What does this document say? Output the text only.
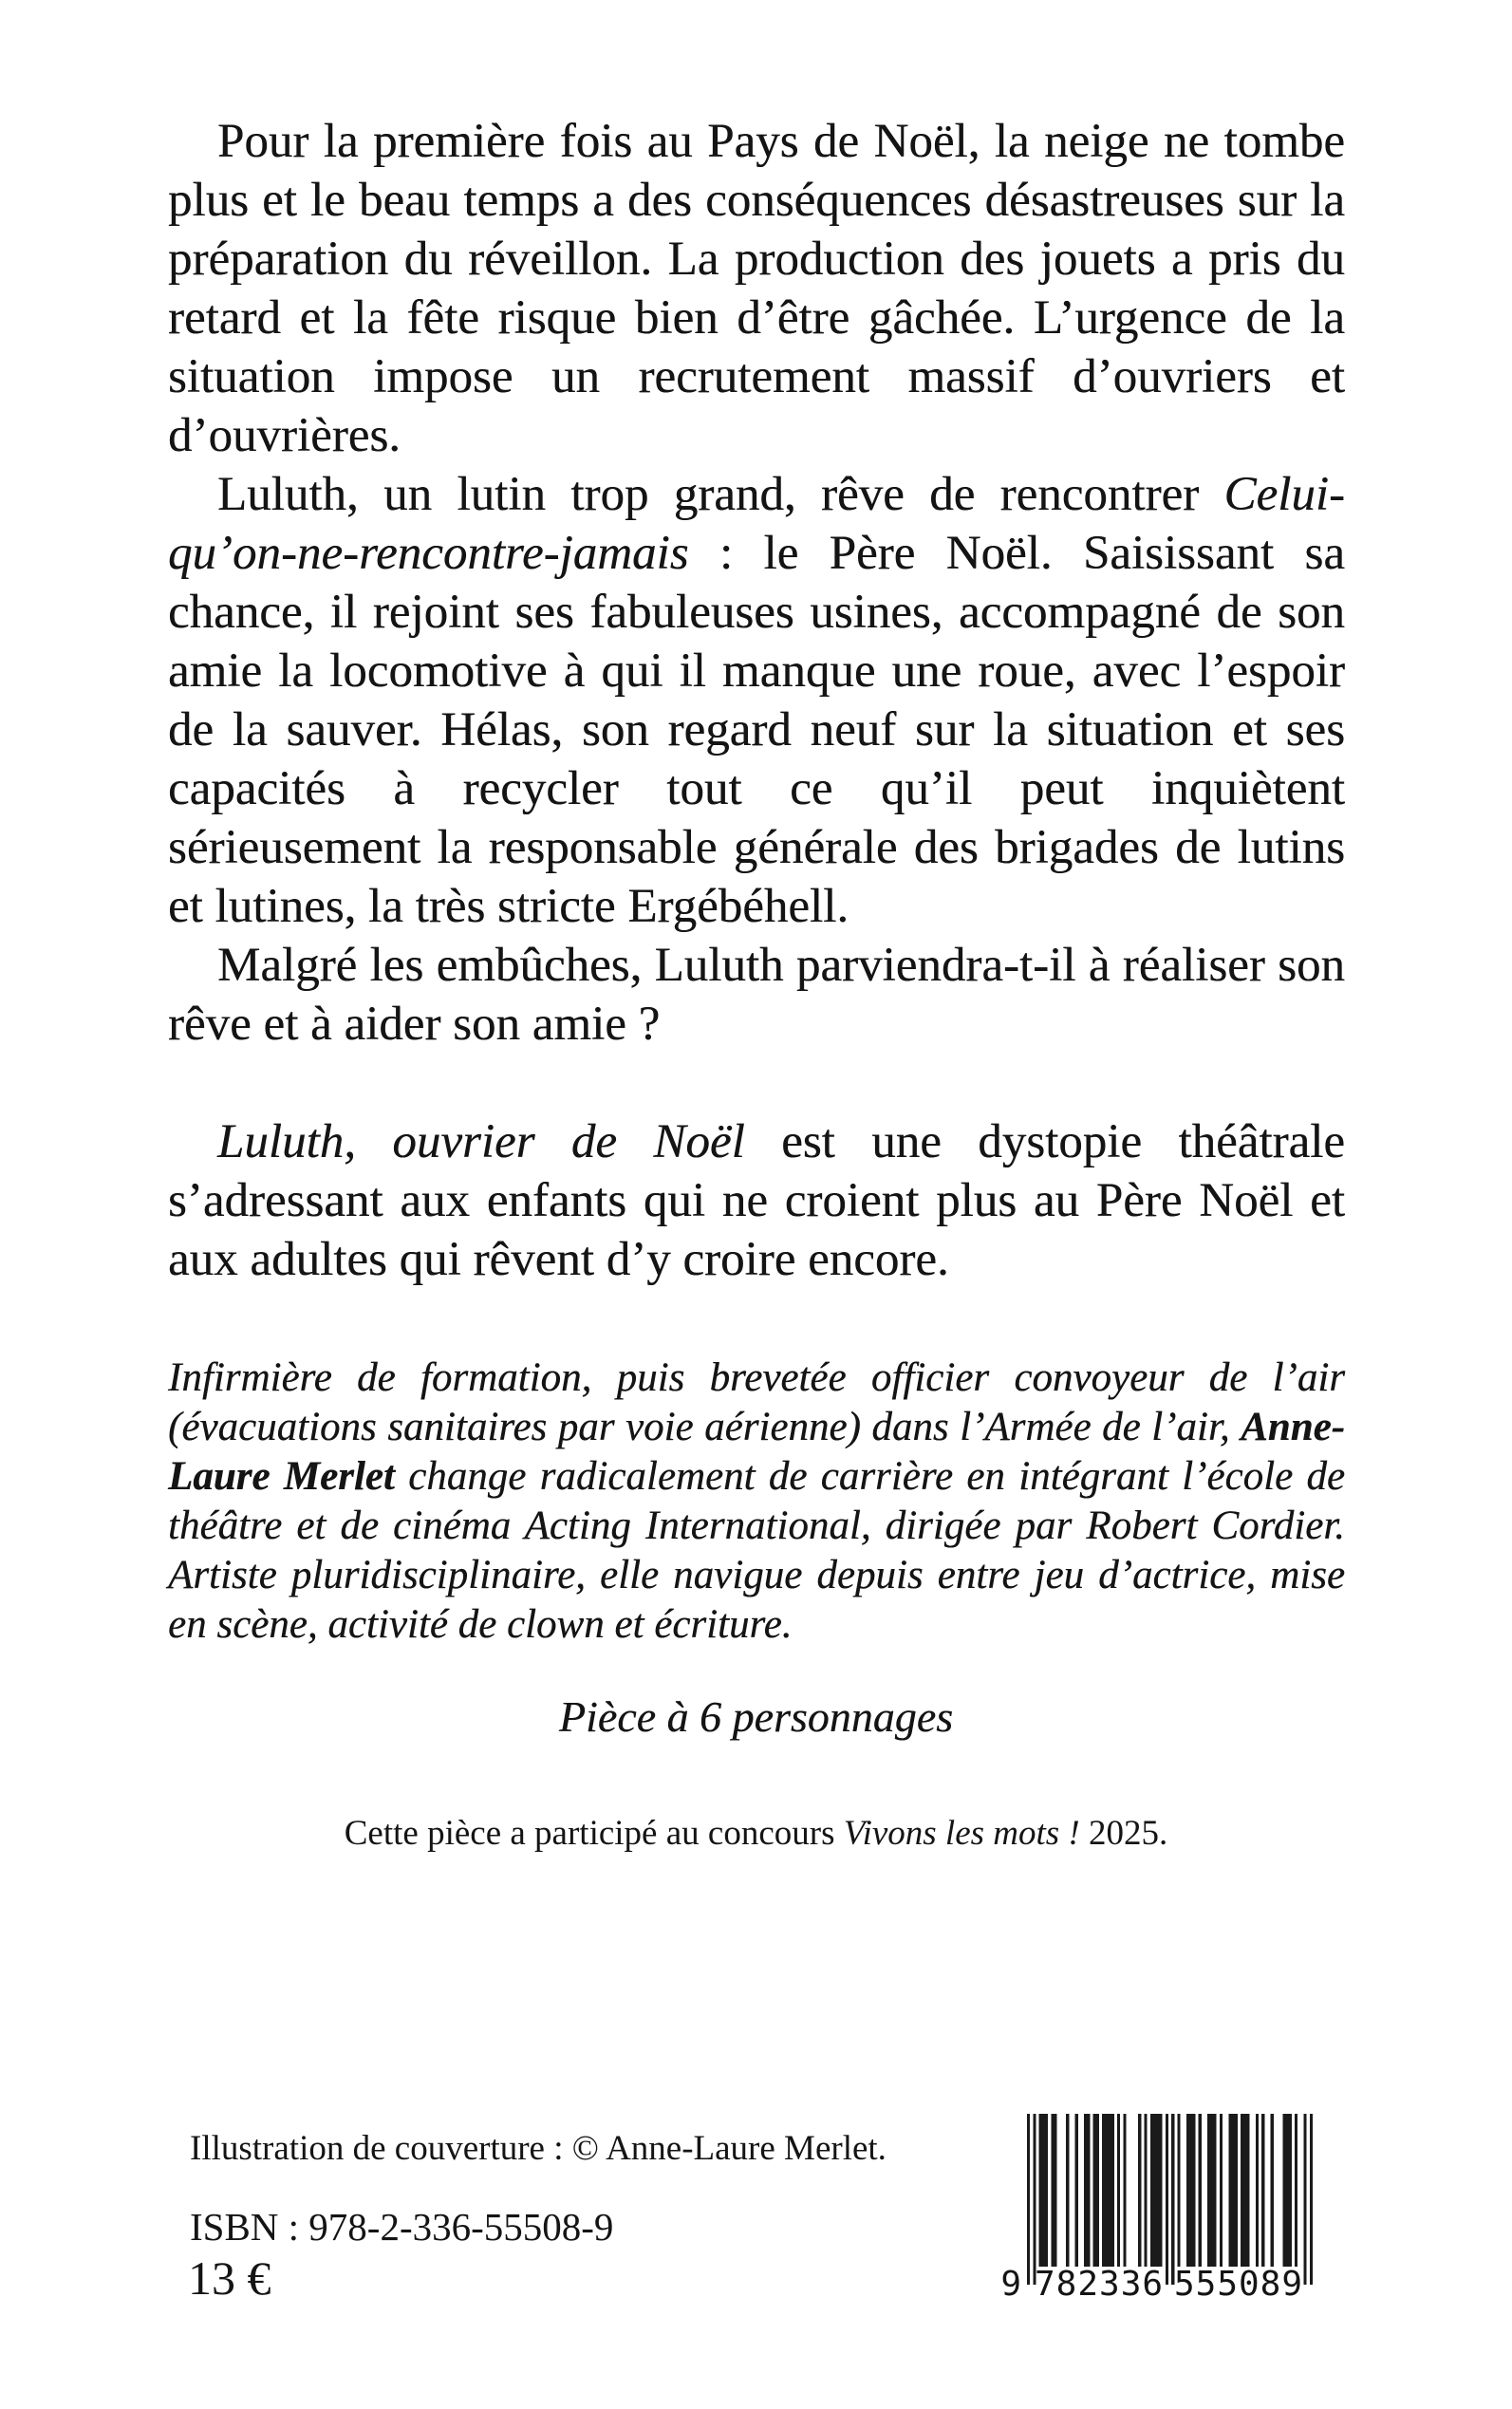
Pour la première fois au Pays de Noël, la neige ne tombe plus et le beau temps a des conséquences désastreuses sur la préparation du réveillon. La production des jouets a pris du retard et la fête risque bien d’être gâchée. L’urgence de la situation impose un recrutement massif d’ouvriers et d’ouvrières.

Luluth, un lutin trop grand, rêve de rencontrer Celui-qu’on-ne-rencontre-jamais : le Père Noël. Saisissant sa chance, il rejoint ses fabuleuses usines, accompagné de son amie la locomotive à qui il manque une roue, avec l’espoir de la sauver. Hélas, son regard neuf sur la situation et ses capacités à recycler tout ce qu’il peut inquiètent sérieusement la responsable générale des brigades de lutins et lutines, la très stricte Ergébéhell.

Malgré les embûches, Luluth parviendra-t-il à réaliser son rêve et à aider son amie ?

Luluth, ouvrier de Noël est une dystopie théâtrale s’adressant aux enfants qui ne croient plus au Père Noël et aux adultes qui rêvent d’y croire encore.

Infirmière de formation, puis brevetée officier convoyeur de l’air (évacuations sanitaires par voie aérienne) dans l’Armée de l’air, Anne-Laure Merlet change radicalement de carrière en intégrant l’école de théâtre et de cinéma Acting International, dirigée par Robert Cordier. Artiste pluridisciplinaire, elle navigue depuis entre jeu d’actrice, mise en scène, activité de clown et écriture.

Pièce à 6 personnages
Cette pièce a participé au concours Vivons les mots ! 2025.
Illustration de couverture : © Anne-Laure Merlet.
ISBN : 978-2-336-55508-9
13 €	9 782336 555089
